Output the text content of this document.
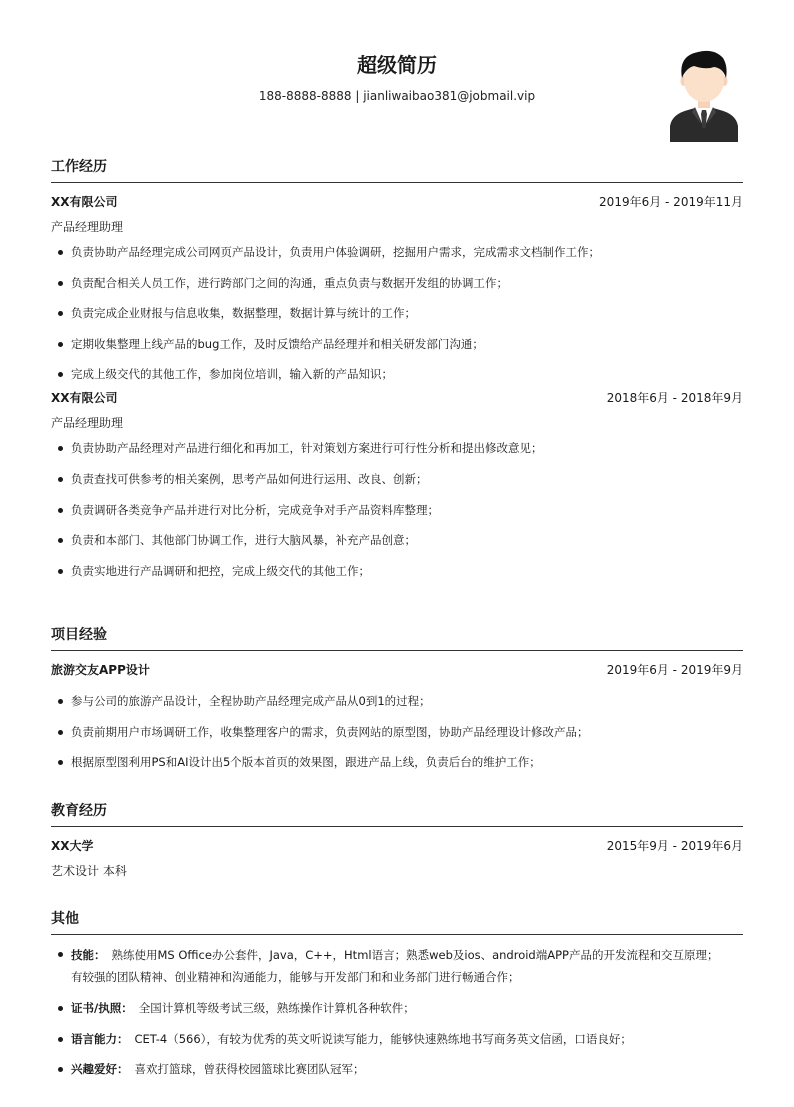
超级简历
188-8888-8888 | jianliwaibao381@jobmail.vip
工作经历
XX有限公司	2019年6月 - 2019年11月
产品经理助理
负责协助产品经理完成公司网页产品设计，负责用户体验调研，挖掘用户需求，完成需求文档制作工作；
负责配合相关人员工作，进行跨部门之间的沟通，重点负责与数据开发组的协调工作；
负责完成企业财报与信息收集，数据整理，数据计算与统计的工作；
定期收集整理上线产品的bug工作，及时反馈给产品经理并和相关研发部门沟通；
完成上级交代的其他工作，参加岗位培训，输入新的产品知识；
XX有限公司	2018年6月 - 2018年9月
产品经理助理
负责协助产品经理对产品进行细化和再加工，针对策划方案进行可行性分析和提出修改意见；
负责查找可供参考的相关案例，思考产品如何进行运用、改良、创新；
负责调研各类竞争产品并进行对比分析，完成竞争对手产品资料库整理；
负责和本部门、其他部门协调工作，进行大脑风暴，补充产品创意；
负责实地进行产品调研和把控，完成上级交代的其他工作；
项目经验
旅游交友APP设计	2019年6月 - 2019年9月
参与公司的旅游产品设计，全程协助产品经理完成产品从0到1的过程；
负责前期用户市场调研工作，收集整理客户的需求，负责网站的原型图，协助产品经理设计修改产品；
根据原型图利用PS和AI设计出5个版本首页的效果图，跟进产品上线，负责后台的维护工作；
教育经历
XX大学	2015年9月 - 2019年6月
艺术设计 本科
其他
技能： 熟练使用MS Office办公套件，Java，C++，Html语言；熟悉web及ios、android端APP产品的开发流程和交互原理；
有较强的团队精神、创业精神和沟通能力，能够与开发部门和和业务部门进行畅通合作；
证书/执照： 全国计算机等级考试三级，熟练操作计算机各种软件；
语言能力： CET-4（566），有较为优秀的英文听说读写能力，能够快速熟练地书写商务英文信函，口语良好；
兴趣爱好： 喜欢打篮球，曾获得校园篮球比赛团队冠军；
